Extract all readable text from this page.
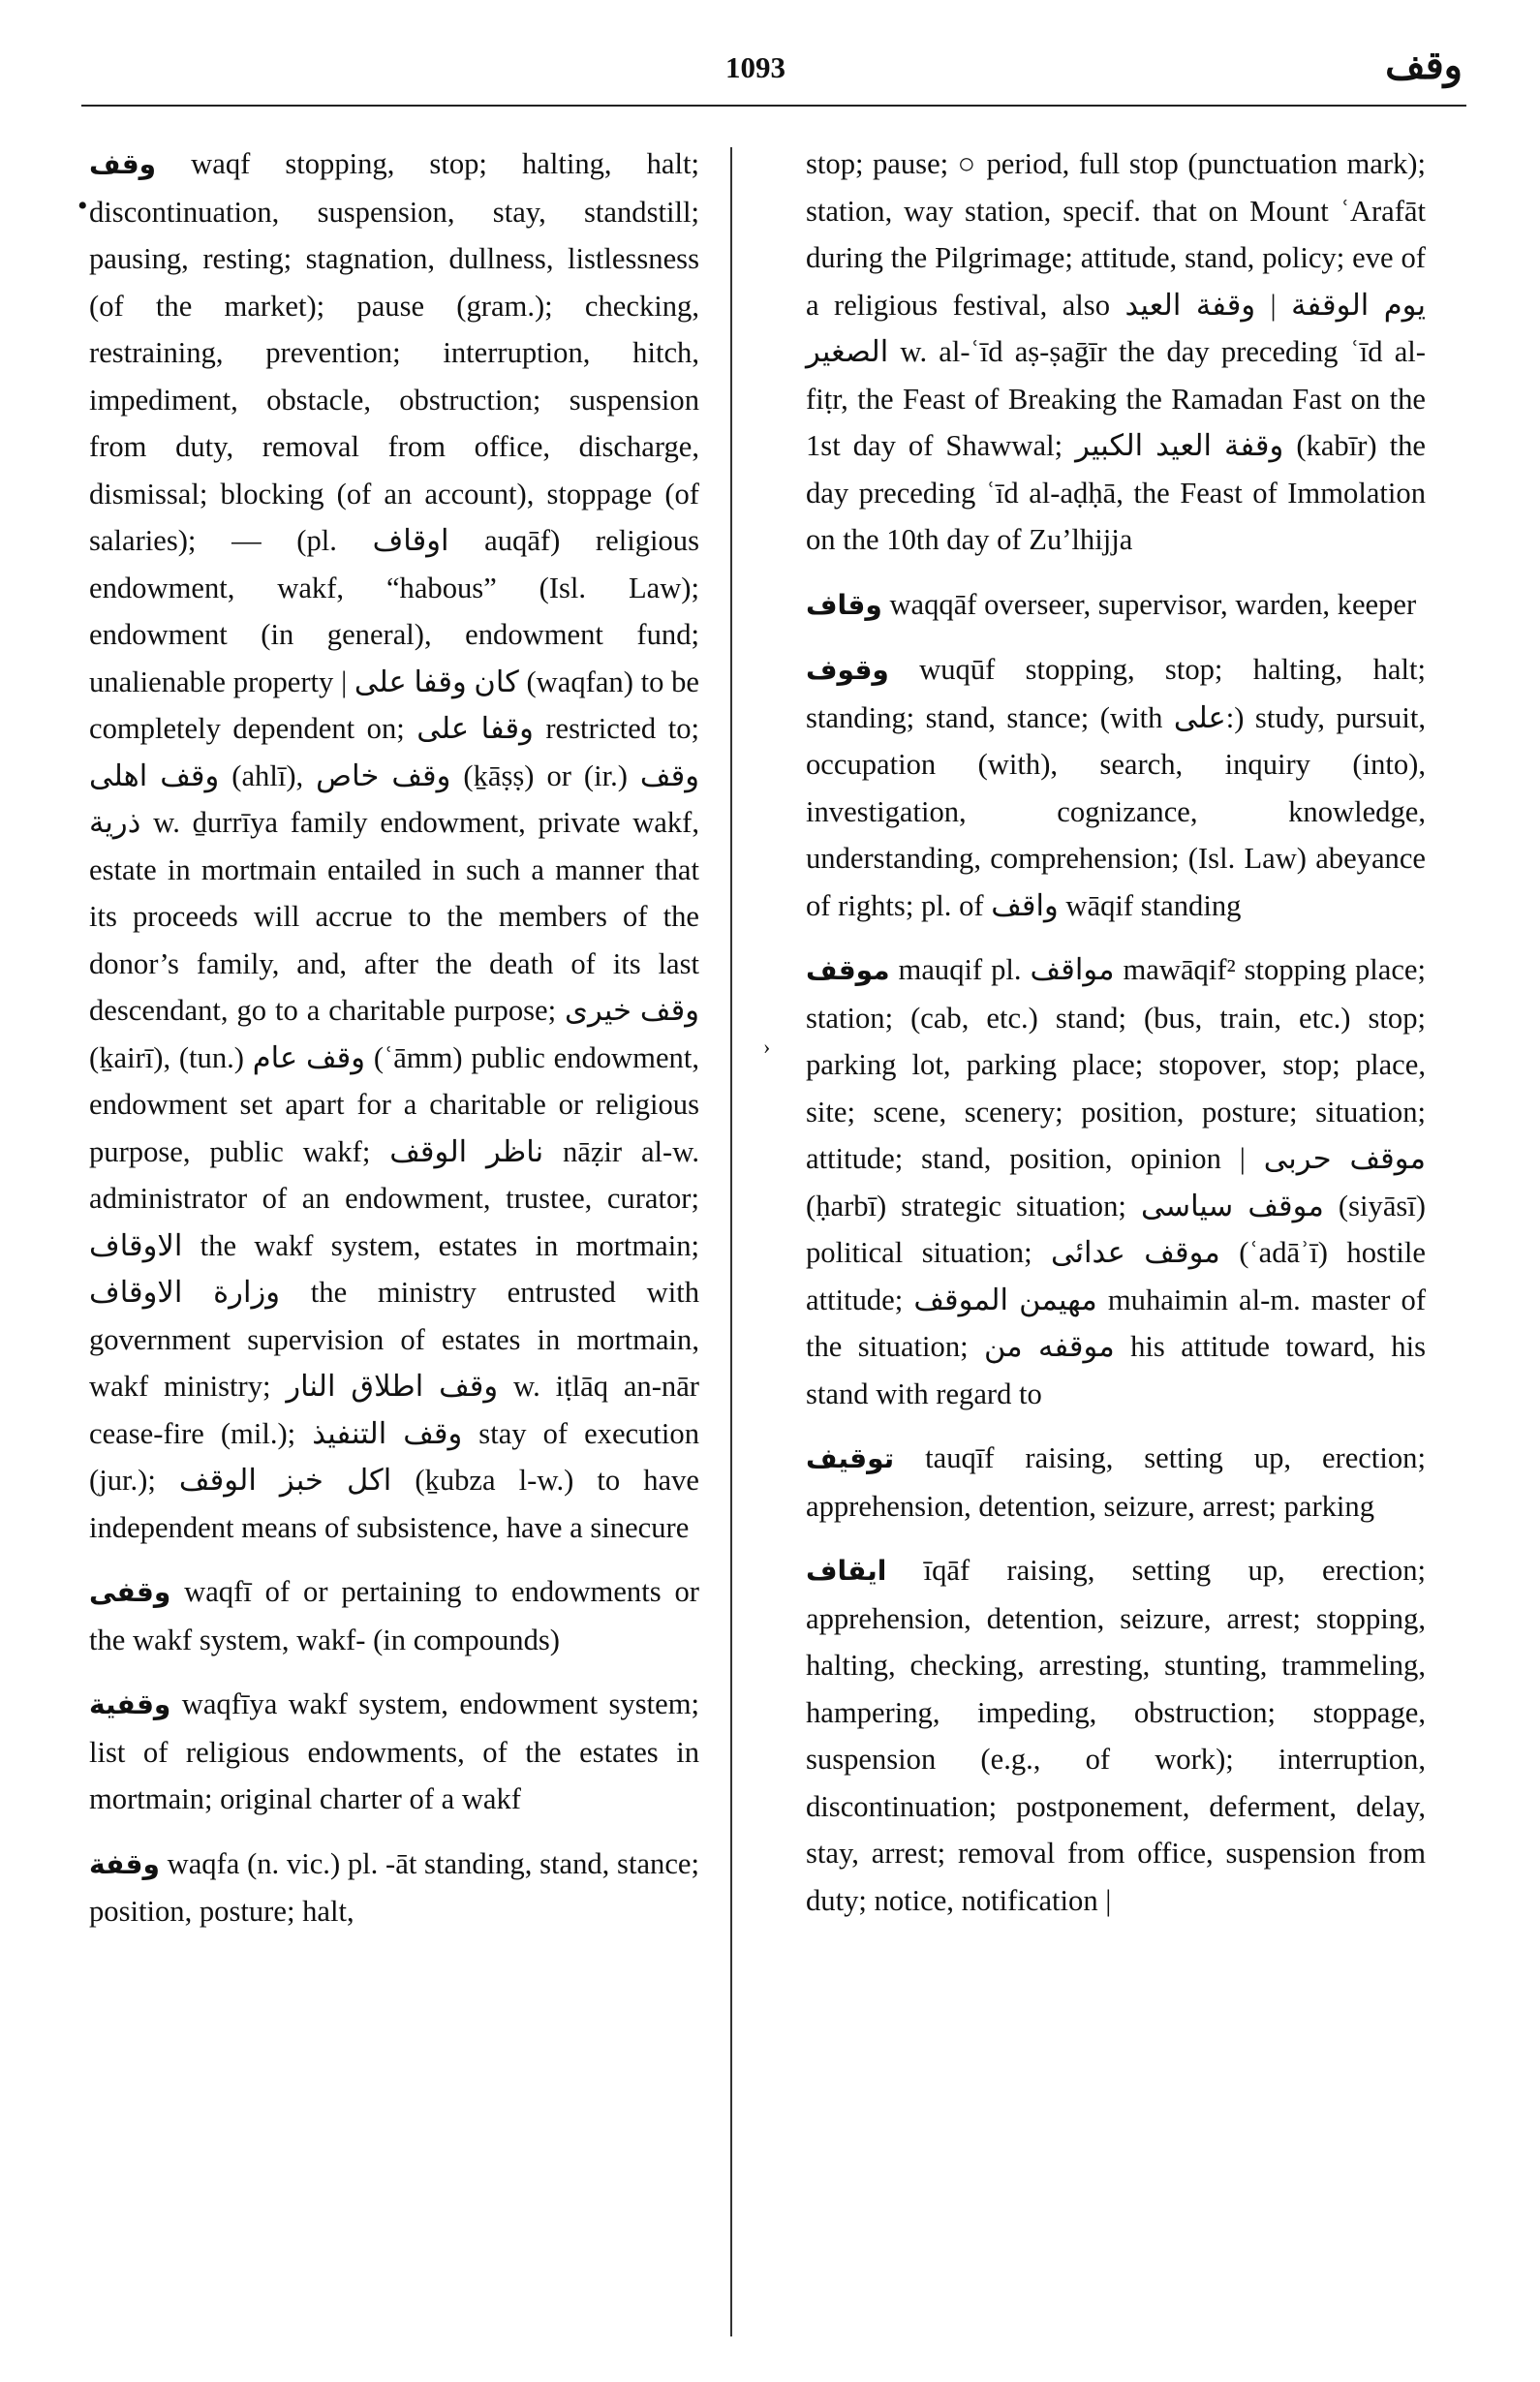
1093	وقف
•
›

وقف waqf stopping, stop; halting, halt; discontinuation, suspension, stay, standstill; pausing, resting; stagnation, dullness, listlessness (of the market); pause (gram.); checking, restraining, prevention; interruption, hitch, impediment, obstacle, obstruction; suspension from duty, removal from office, discharge, dismissal; blocking (of an account), stoppage (of salaries); — (pl. اوقاف auqāf) religious endowment, wakf, “habous” (Isl. Law); endowment (in general), endowment fund; unalienable property | كان وقفا على (waqfan) to be completely dependent on; وقفا على restricted to; وقف اهلى (ahlī), وقف خاص (ḵāṣṣ) or (ir.) وقف ذرية w. ḏurrīya family endowment, private wakf, estate in mortmain entailed in such a manner that its proceeds will accrue to the members of the donor’s family, and, after the death of its last descendant, go to a charitable purpose; وقف خيرى (ḵairī), (tun.) وقف عام (ʿāmm) public endowment, endowment set apart for a charitable or religious purpose, public wakf; ناظر الوقف nāẓir al-w. administrator of an endowment, trustee, curator; الاوقاف the wakf system, estates in mortmain; وزارة الاوقاف the ministry entrusted with government supervision of estates in mortmain, wakf ministry; وقف اطلاق النار w. iṭlāq an-nār cease-fire (mil.); وقف التنفيذ stay of execution (jur.); اكل خبز الوقف (ḵubza l-w.) to have independent means of subsistence, have a sinecure

وقفى waqfī of or pertaining to endowments or the wakf system, wakf- (in compounds)

وقفية waqfīya wakf system, endowment system; list of religious endowments, of the estates in mortmain; original charter of a wakf

وقفة waqfa (n. vic.) pl. -āt standing, stand, stance; position, posture; halt,

stop; pause; ○ period, full stop (punctuation mark); station, way station, specif. that on Mount ʿArafāt during the Pilgrimage; attitude, stand, policy; eve of a religious festival, also يوم الوقفة | وقفة العيد الصغير w. al-ʿīd aṣ-ṣaḡīr the day preceding ʿīd al-fiṭr, the Feast of Breaking the Ramadan Fast on the 1st day of Shawwal; وقفة العيد الكبير (kabīr) the day preceding ʿīd al-aḍḥā, the Feast of Immolation on the 10th day of Zu’lhijja

وقاف waqqāf overseer, supervisor, warden, keeper

وقوف wuqūf stopping, stop; halting, halt; standing; stand, stance; (with على:) study, pursuit, occupation (with), search, inquiry (into), investigation, cognizance, knowledge, understanding, comprehension; (Isl. Law) abeyance of rights; pl. of واقف wāqif standing

موقف mauqif pl. مواقف mawāqif² stopping place; station; (cab, etc.) stand; (bus, train, etc.) stop; parking lot, parking place; stopover, stop; place, site; scene, scenery; position, posture; situation; attitude; stand, position, opinion | موقف حربى (ḥarbī) strategic situation; موقف سياسى (siyāsī) political situation; موقف عدائى (ʿadāʾī) hostile attitude; مهيمن الموقف muhaimin al-m. master of the situation; موقفه من his attitude toward, his stand with regard to

توقيف tauqīf raising, setting up, erection; apprehension, detention, seizure, arrest; parking

ايقاف īqāf raising, setting up, erection; apprehension, detention, seizure, arrest; stopping, halting, checking, arresting, stunting, trammeling, hampering, impeding, obstruction; stoppage, suspension (e.g., of work); interruption, discontinuation; postponement, deferment, delay, stay, arrest; removal from office, suspension from duty; notice, notification |
